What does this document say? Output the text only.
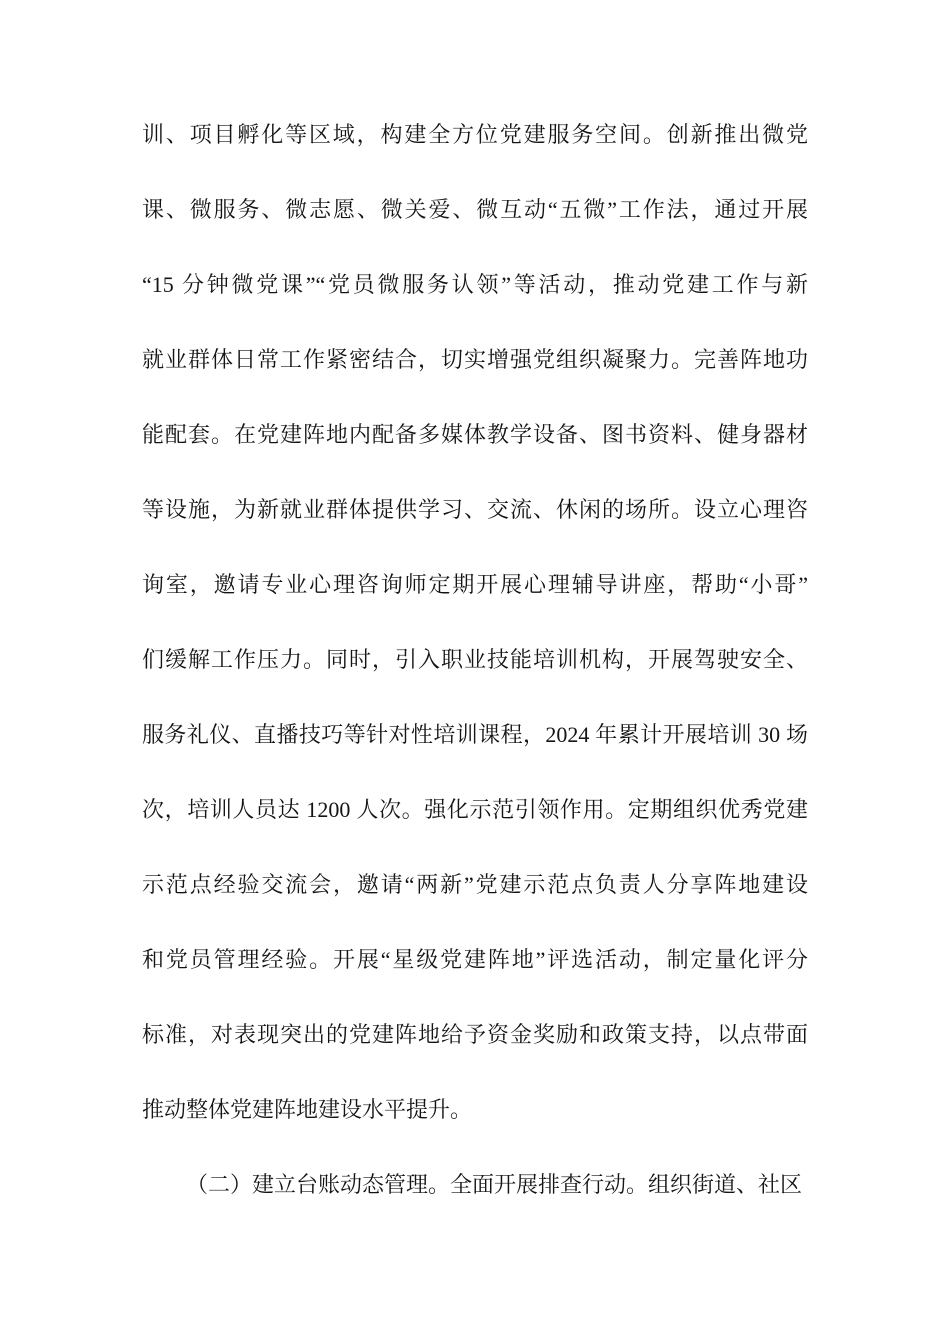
训、项目孵化等区域，构建全方位党建服务空间。创新推出微党
课、微服务、微志愿、微关爱、微互动“五微”工作法，通过开展
“15 分钟微党课”“党员微服务认领”等活动，推动党建工作与新
就业群体日常工作紧密结合，切实增强党组织凝聚力。完善阵地功
能配套。在党建阵地内配备多媒体教学设备、图书资料、健身器材
等设施，为新就业群体提供学习、交流、休闲的场所。设立心理咨
询室，邀请专业心理咨询师定期开展心理辅导讲座，帮助“小哥”
们缓解工作压力。同时，引入职业技能培训机构，开展驾驶安全、
服务礼仪、直播技巧等针对性培训课程，2024 年累计开展培训 30 场
次，培训人员达 1200 人次。强化示范引领作用。定期组织优秀党建
示范点经验交流会，邀请“两新”党建示范点负责人分享阵地建设
和党员管理经验。开展“星级党建阵地”评选活动，制定量化评分
标准，对表现突出的党建阵地给予资金奖励和政策支持，以点带面
推动整体党建阵地建设水平提升。
（二）建立台账动态管理。全面开展排查行动。组织街道、社区
